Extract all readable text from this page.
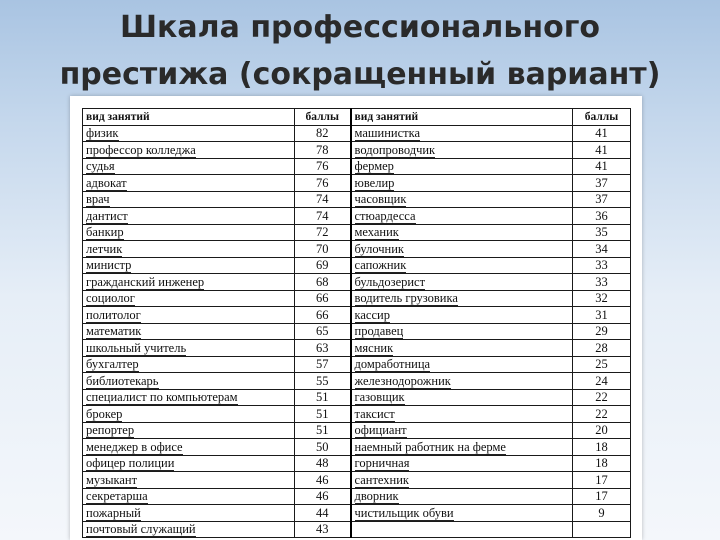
Шкала профессионального
престижа (сокращенный вариант)
вид занятий	баллы	вид занятий	баллы
физик	82	машинистка	41
профессор колледжа	78	водопроводчик	41
судья	76	фермер	41
адвокат	76	ювелир	37
врач	74	часовщик	37
дантист	74	стюардесса	36
банкир	72	механик	35
летчик	70	булочник	34
министр	69	сапожник	33
гражданский инженер	68	бульдозерист	33
социолог	66	водитель грузовика	32
политолог	66	кассир	31
математик	65	продавец	29
школьный учитель	63	мясник	28
бухгалтер	57	домработница	25
библиотекарь	55	железнодорожник	24
специалист по компьютерам	51	газовщик	22
брокер	51	таксист	22
репортер	51	официант	20
менеджер в офисе	50	наемный работник на ферме	18
офицер полиции	48	горничная	18
музыкант	46	сантехник	17
секретарша	46	дворник	17
пожарный	44	чистильщик обуви	9
почтовый служащий	43		
